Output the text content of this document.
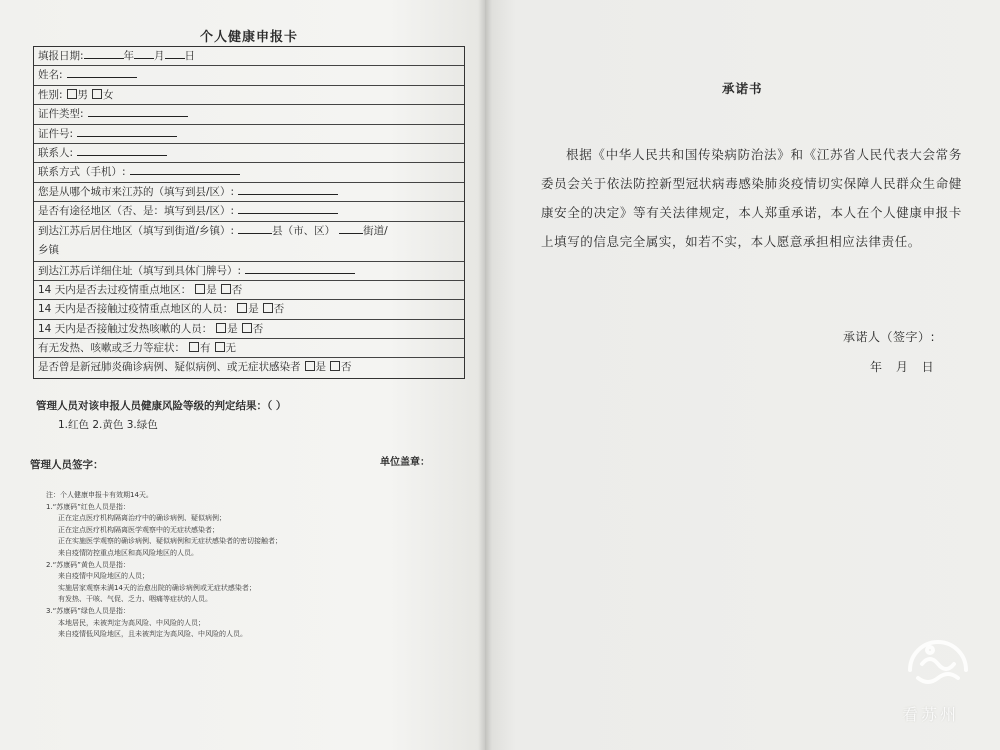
个人健康申报卡
填报日期:	年 月 日
姓名:
性别: 男 女
证件类型:
证件号:
联系人:
联系方式（手机）:
您是从哪个城市来江苏的（填写到县/区）:
是否有途径地区（否、是：填写到县/区）:
到达江苏后居住地区（填写到街道/乡镇）:	县（市、区）	街道/
乡镇
到达江苏后详细住址（填写到具体门牌号）:
14 天内是否去过疫情重点地区： 是 否
14 天内是否接触过疫情重点地区的人员： 是 否
14 天内是否接触过发热咳嗽的人员： 是 否
有无发热、咳嗽或乏力等症状： 有 无
是否曾是新冠肺炎确诊病例、疑似病例、或无症状感染者 是 否
管理人员对该申报人员健康风险等级的判定结果：（ ）
1.红色 2.黄色 3.绿色
管理人员签字：	单位盖章：
注：个人健康申报卡有效期14天。
1.“苏康码”红色人员是指：
正在定点医疗机构隔离治疗中的确诊病例、疑似病例；
正在定点医疗机构隔离医学观察中的无症状感染者；
正在实施医学观察的确诊病例、疑似病例和无症状感染者的密切接触者；
来自疫情防控重点地区和高风险地区的人员。
2.“苏康码”黄色人员是指：
来自疫情中风险地区的人员；
实施居家观察未满14天的治愈出院的确诊病例或无症状感染者；
有发热、干咳、气促、乏力、咽痛等症状的人员。
3.“苏康码”绿色人员是指：
本地居民，未被判定为高风险、中风险的人员；
来自疫情低风险地区，且未被判定为高风险、中风险的人员。
承诺书
根据《中华人民共和国传染病防治法》和《江苏省人民代表大会常务委员会关于依法防控新型冠状病毒感染肺炎疫情切实保障人民群众生命健康安全的决定》等有关法律规定，本人郑重承诺，本人在个人健康申报卡上填写的信息完全属实，如若不实，本人愿意承担相应法律责任。
承诺人（签字）:
年 月 日
看苏州
